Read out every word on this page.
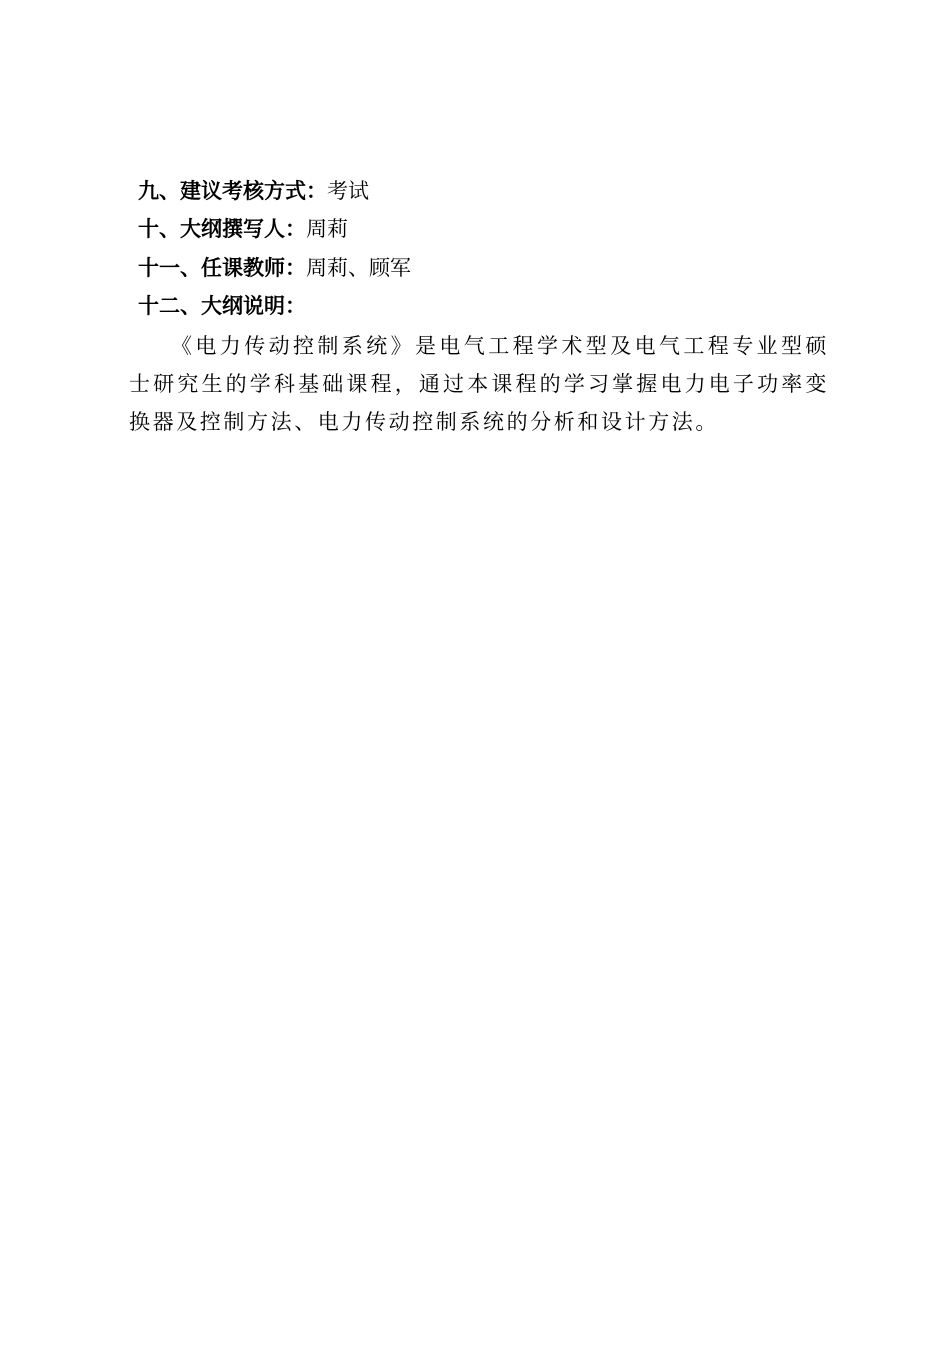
九、建议考核方式：考试
十、大纲撰写人：周莉
十一、任课教师：周莉、顾军
十二、大纲说明：

《电力传动控制系统》是电气工程学术型及电气工程专业型硕士研究生的学科基础课程，通过本课程的学习掌握电力电子功率变换器及控制方法、电力传动控制系统的分析和设计方法。
